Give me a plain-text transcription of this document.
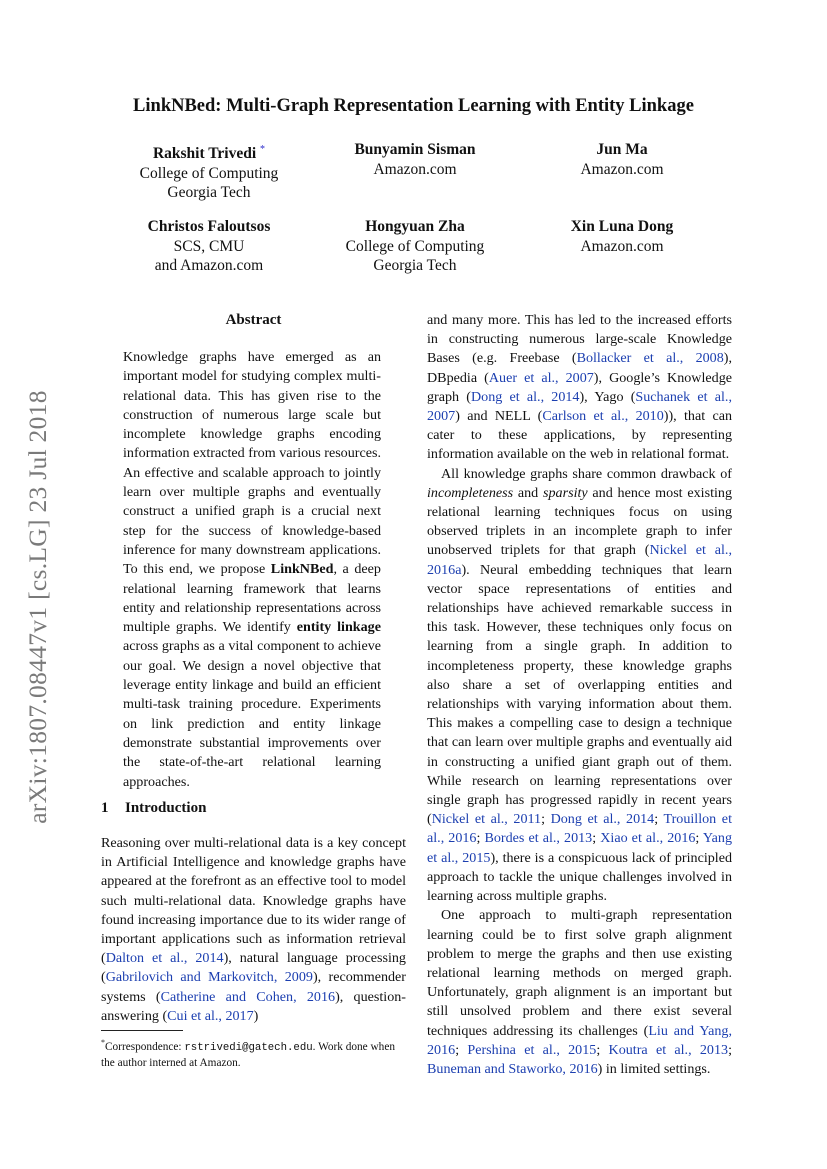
arXiv:1807.08447v1 [cs.LG] 23 Jul 2018
LinkNBed: Multi-Graph Representation Learning with Entity Linkage
Rakshit Trivedi *
College of Computing
Georgia Tech
Bunyamin Sisman
Amazon.com
Jun Ma
Amazon.com
Christos Faloutsos
SCS, CMU
and Amazon.com
Hongyuan Zha
College of Computing
Georgia Tech
Xin Luna Dong
Amazon.com
Abstract

Knowledge graphs have emerged as an important model for studying complex multi-relational data. This has given rise to the construction of numerous large scale but incomplete knowledge graphs encoding information extracted from various resources. An effective and scalable approach to jointly learn over multiple graphs and eventually construct a unified graph is a crucial next step for the success of knowledge-based inference for many downstream applications. To this end, we propose LinkNBed, a deep relational learning framework that learns entity and relationship representations across multiple graphs. We identify entity linkage across graphs as a vital component to achieve our goal. We design a novel objective that leverage entity linkage and build an efficient multi-task training procedure. Experiments on link prediction and entity linkage demonstrate substantial improvements over the state-of-the-art relational learning approaches.

1 Introduction

Reasoning over multi-relational data is a key concept in Artificial Intelligence and knowledge graphs have appeared at the forefront as an effective tool to model such multi-relational data. Knowledge graphs have found increasing importance due to its wider range of important applications such as information retrieval (Dalton et al., 2014), natural language processing (Gabrilovich and Markovitch, 2009), recommender systems (Catherine and Cohen, 2016), question-answering (Cui et al., 2017)

*Correspondence: rstrivedi@gatech.edu. Work done when the author interned at Amazon.

and many more. This has led to the increased efforts in constructing numerous large-scale Knowledge Bases (e.g. Freebase (Bollacker et al., 2008), DBpedia (Auer et al., 2007), Google’s Knowledge graph (Dong et al., 2014), Yago (Suchanek et al., 2007) and NELL (Carlson et al., 2010)), that can cater to these applications, by representing information available on the web in relational format.

All knowledge graphs share common drawback of incompleteness and sparsity and hence most existing relational learning techniques focus on using observed triplets in an incomplete graph to infer unobserved triplets for that graph (Nickel et al., 2016a). Neural embedding techniques that learn vector space representations of entities and relationships have achieved remarkable success in this task. However, these techniques only focus on learning from a single graph. In addition to incompleteness property, these knowledge graphs also share a set of overlapping entities and relationships with varying information about them. This makes a compelling case to design a technique that can learn over multiple graphs and eventually aid in constructing a unified giant graph out of them. While research on learning representations over single graph has progressed rapidly in recent years (Nickel et al., 2011; Dong et al., 2014; Trouillon et al., 2016; Bordes et al., 2013; Xiao et al., 2016; Yang et al., 2015), there is a conspicuous lack of principled approach to tackle the unique challenges involved in learning across multiple graphs.

One approach to multi-graph representation learning could be to first solve graph alignment problem to merge the graphs and then use existing relational learning methods on merged graph. Unfortunately, graph alignment is an important but still unsolved problem and there exist several techniques addressing its challenges (Liu and Yang, 2016; Pershina et al., 2015; Koutra et al., 2013; Buneman and Staworko, 2016) in limited settings.
